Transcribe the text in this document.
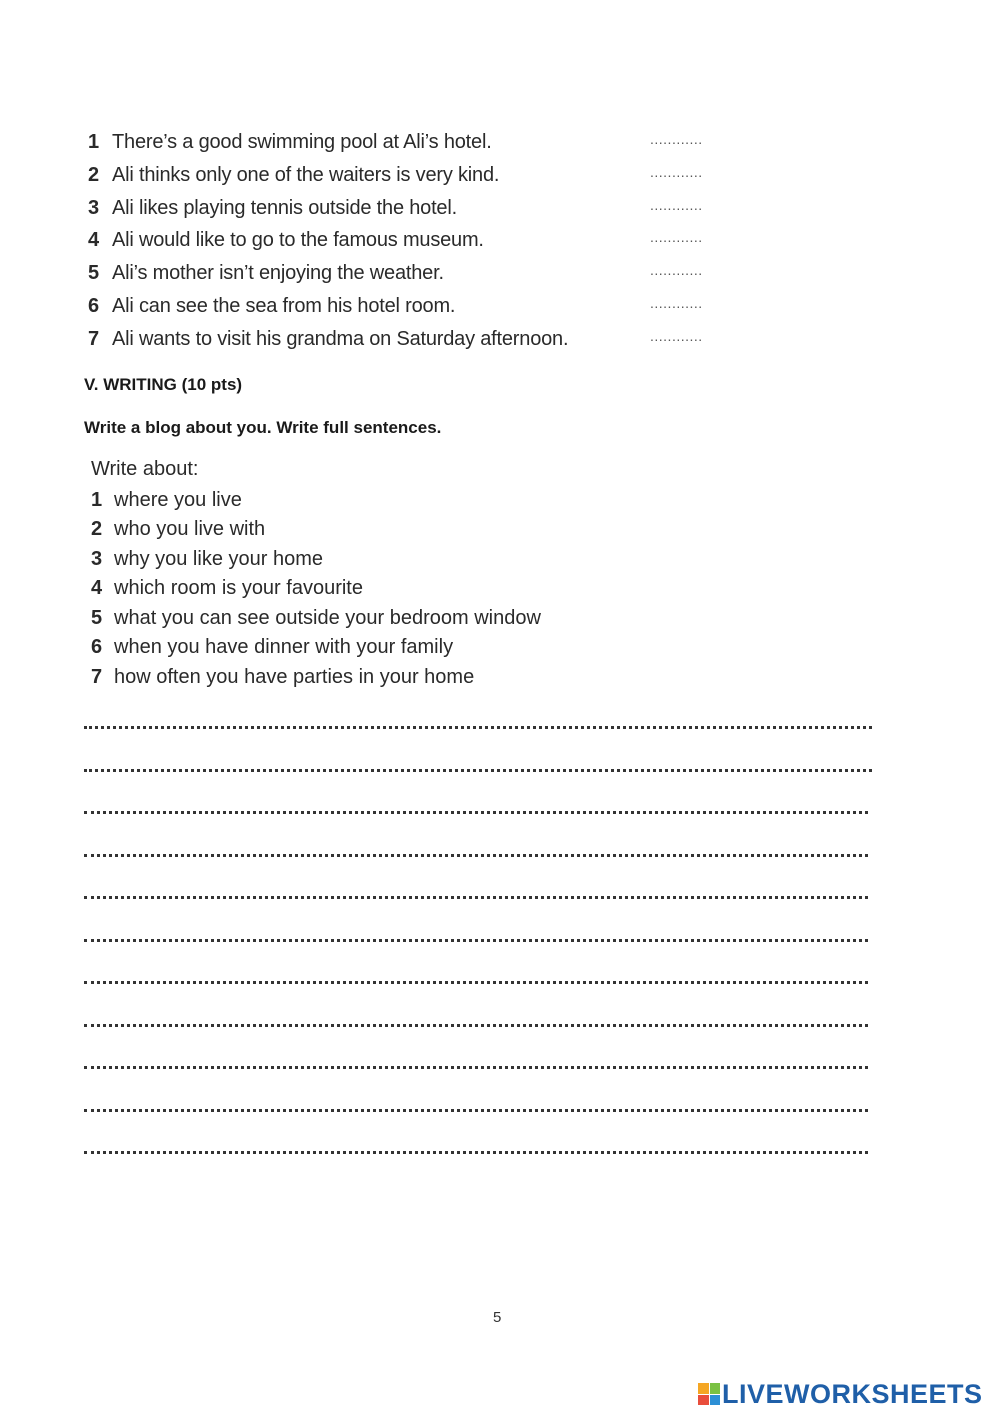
1 There’s a good swimming pool at Ali’s hotel.	............
2 Ali thinks only one of the waiters is very kind.	............
3 Ali likes playing tennis outside the hotel.	............
4 Ali would like to go to the famous museum.	............
5 Ali’s mother isn’t enjoying the weather.	............
6 Ali can see the sea from his hotel room.	............
7 Ali wants to visit his grandma on Saturday afternoon.	............
V. WRITING (10 pts)
Write a blog about you. Write full sentences.
Write about:
1 where you live
2 who you live with
3 why you like your home
4 which room is your favourite
5 what you can see outside your bedroom window
6 when you have dinner with your family
7 how often you have parties in your home
5
LIVEWORKSHEETS
